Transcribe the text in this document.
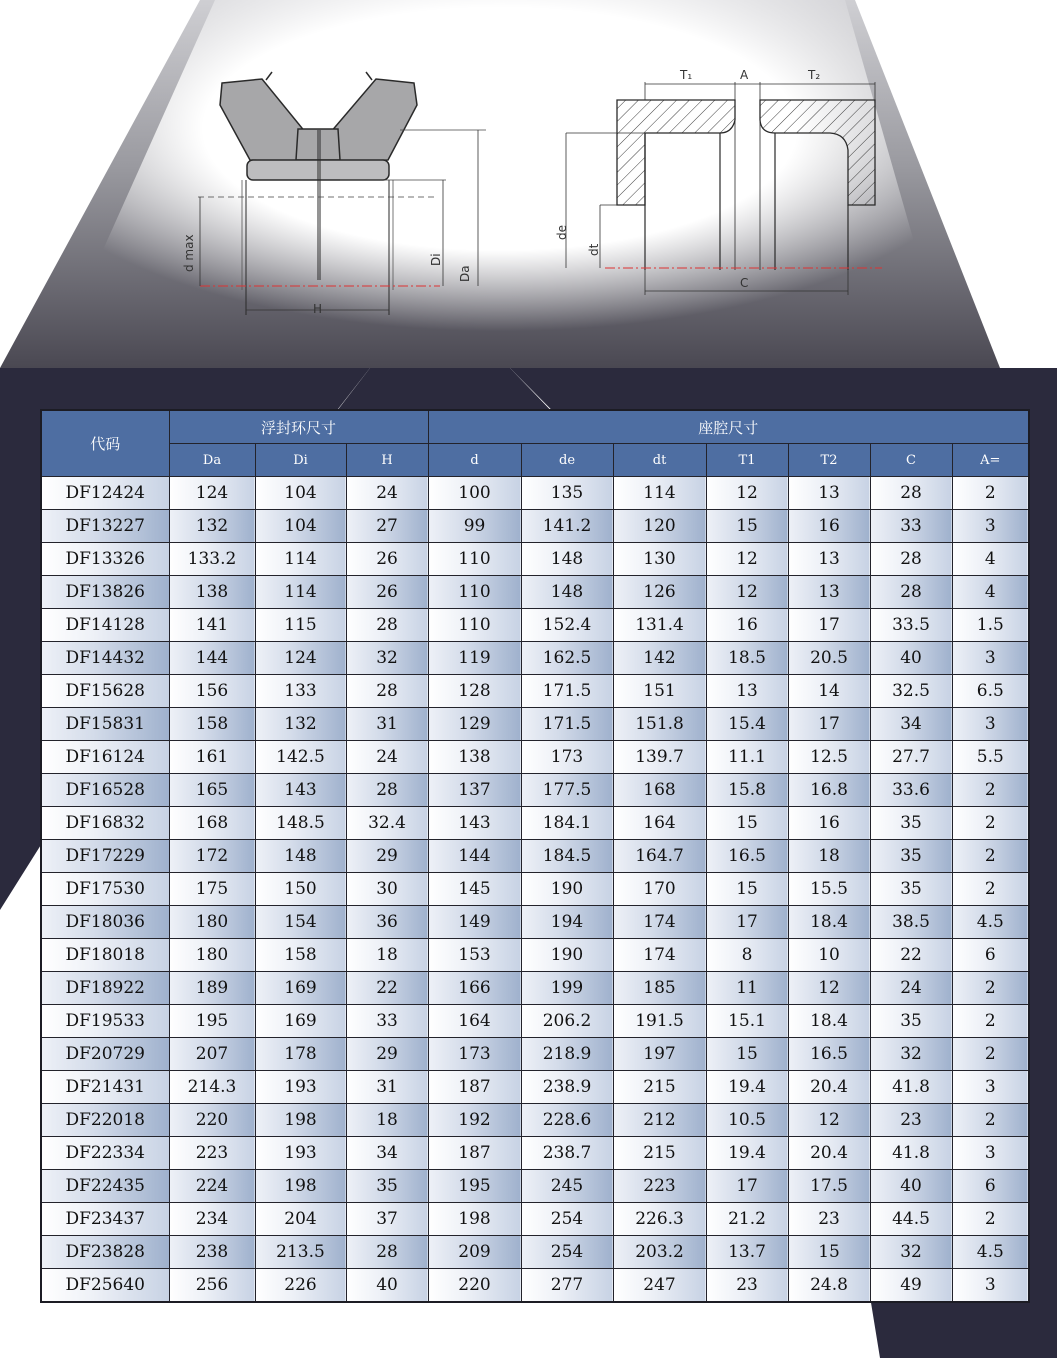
d max	Di
Da
H
T₁	A	T₂
de
dt
C
代码	浮封环尺寸			座腔尺寸						
	Da	Di	H	d	de	dt	T1	T2	C	A=
DF12424	124	104	24	100	135	114	12	13	28	2
DF13227	132	104	27	99	141.2	120	15	16	33	3
DF13326	133.2	114	26	110	148	130	12	13	28	4
DF13826	138	114	26	110	148	126	12	13	28	4
DF14128	141	115	28	110	152.4	131.4	16	17	33.5	1.5
DF14432	144	124	32	119	162.5	142	18.5	20.5	40	3
DF15628	156	133	28	128	171.5	151	13	14	32.5	6.5
DF15831	158	132	31	129	171.5	151.8	15.4	17	34	3
DF16124	161	142.5	24	138	173	139.7	11.1	12.5	27.7	5.5
DF16528	165	143	28	137	177.5	168	15.8	16.8	33.6	2
DF16832	168	148.5	32.4	143	184.1	164	15	16	35	2
DF17229	172	148	29	144	184.5	164.7	16.5	18	35	2
DF17530	175	150	30	145	190	170	15	15.5	35	2
DF18036	180	154	36	149	194	174	17	18.4	38.5	4.5
DF18018	180	158	18	153	190	174	8	10	22	6
DF18922	189	169	22	166	199	185	11	12	24	2
DF19533	195	169	33	164	206.2	191.5	15.1	18.4	35	2
DF20729	207	178	29	173	218.9	197	15	16.5	32	2
DF21431	214.3	193	31	187	238.9	215	19.4	20.4	41.8	3
DF22018	220	198	18	192	228.6	212	10.5	12	23	2
DF22334	223	193	34	187	238.7	215	19.4	20.4	41.8	3
DF22435	224	198	35	195	245	223	17	17.5	40	6
DF23437	234	204	37	198	254	226.3	21.2	23	44.5	2
DF23828	238	213.5	28	209	254	203.2	13.7	15	32	4.5
DF25640	256	226	40	220	277	247	23	24.8	49	3
